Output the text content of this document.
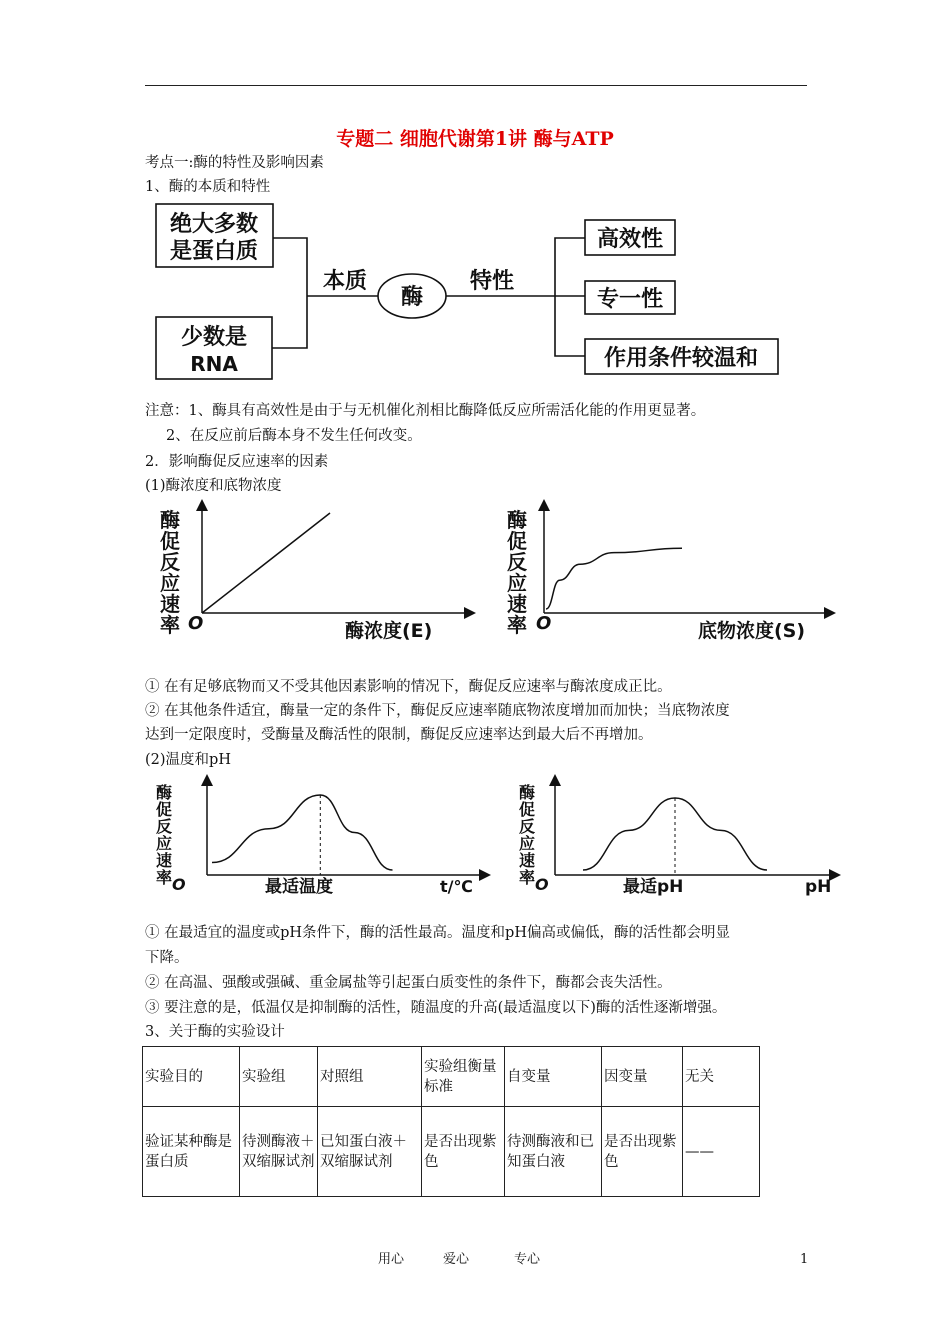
专题二 细胞代谢第1讲 酶与ATP
考点一:酶的特性及影响因素
1、酶的本质和特性
绝大多数
是蛋白质
少数是
RNA
本质
酶
特性
高效性
专一性
作用条件较温和
注意：1、酶具有高效性是由于与无机催化剂相比酶降低反应所需活化能的作用更显著。
2、在反应前后酶本身不发生任何改变。
2．影响酶促反应速率的因素
(1)酶浓度和底物浓度
酶
促
反
应
速
率 O	酶浓度(E)
酶
促
反
应
速
率 O	底物浓度(S)
① 在有足够底物而又不受其他因素影响的情况下，酶促反应速率与酶浓度成正比。
② 在其他条件适宜，酶量一定的条件下，酶促反应速率随底物浓度增加而加快；当底物浓度
达到一定限度时，受酶量及酶活性的限制，酶促反应速率达到最大后不再增加。
(2)温度和pH
酶
促
反
应
速
率 O	最适温度	t/℃
酶
促
反
应
速
率 O	最适pH	pH
① 在最适宜的温度或pH条件下，酶的活性最高。温度和pH偏高或偏低，酶的活性都会明显
下降。
② 在高温、强酸或强碱、重金属盐等引起蛋白质变性的条件下，酶都会丧失活性。
③ 要注意的是，低温仅是抑制酶的活性，随温度的升高(最适温度以下)酶的活性逐渐增强。
3、关于酶的实验设计
实验目的	实验组	对照组	实验组衡量标准	自变量	因变量	无关
验证某种酶是蛋白质	待测酶液＋双缩脲试剂	已知蛋白液＋双缩脲试剂	是否出现紫色	待测酶液和已知蛋白液	是否出现紫色	——
用心	爱心	专心	1
